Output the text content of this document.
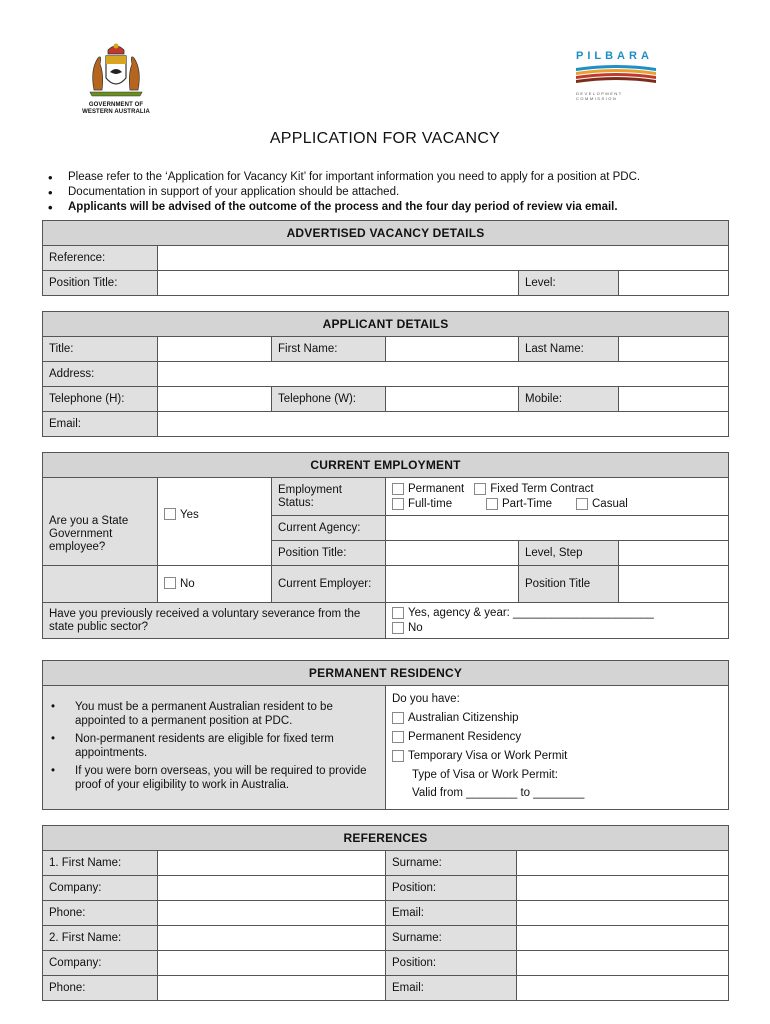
GOVERNMENT OF
WESTERN AUSTRALIA
PILBARA
DEVELOPMENT
COMMISSION
APPLICATION FOR VACANCY
• Please refer to the ‘Application for Vacancy Kit’ for important information you need to apply for a position at PDC.
• Documentation in support of your application should be attached.
• Applicants will be advised of the outcome of the process and the four day period of review via email.
ADVERTISED VACANCY DETAILS			
Reference:			
Position Title:		Level:	
APPLICANT DETAILS					
Title:		First Name:		Last Name:	
Address:					
Telephone (H):		Telephone (W):		Mobile:	
Email:					
CURRENT EMPLOYMENT					
Are you a State Government employee?	Yes	Employment Status:	Permanent Fixed Term Contract
Full-time Part-Time Casual		

		Current Agency:			
		Position Title:		Level, Step	
	No	Current Employer:		Position Title	
Have you previously received a voluntary severance from the state public sector?			Yes, agency & year: ______________________
No		
PERMANENT RESIDENCY

• You must be a permanent Australian resident to be appointed to a permanent position at PDC.
• Non-permanent residents are eligible for fixed term appointments.
• If you were born overseas, you will be required to provide proof of your eligibility to work in Australia.

Do you have:
Australian Citizenship
Permanent Residency
Temporary Visa or Work Permit
Type of Visa or Work Permit:
Valid from ________ to ________
REFERENCES			
1. First Name:		Surname:	
Company:		Position:	
Phone:		Email:	
2. First Name:		Surname:	
Company:		Position:	
Phone:		Email:	
